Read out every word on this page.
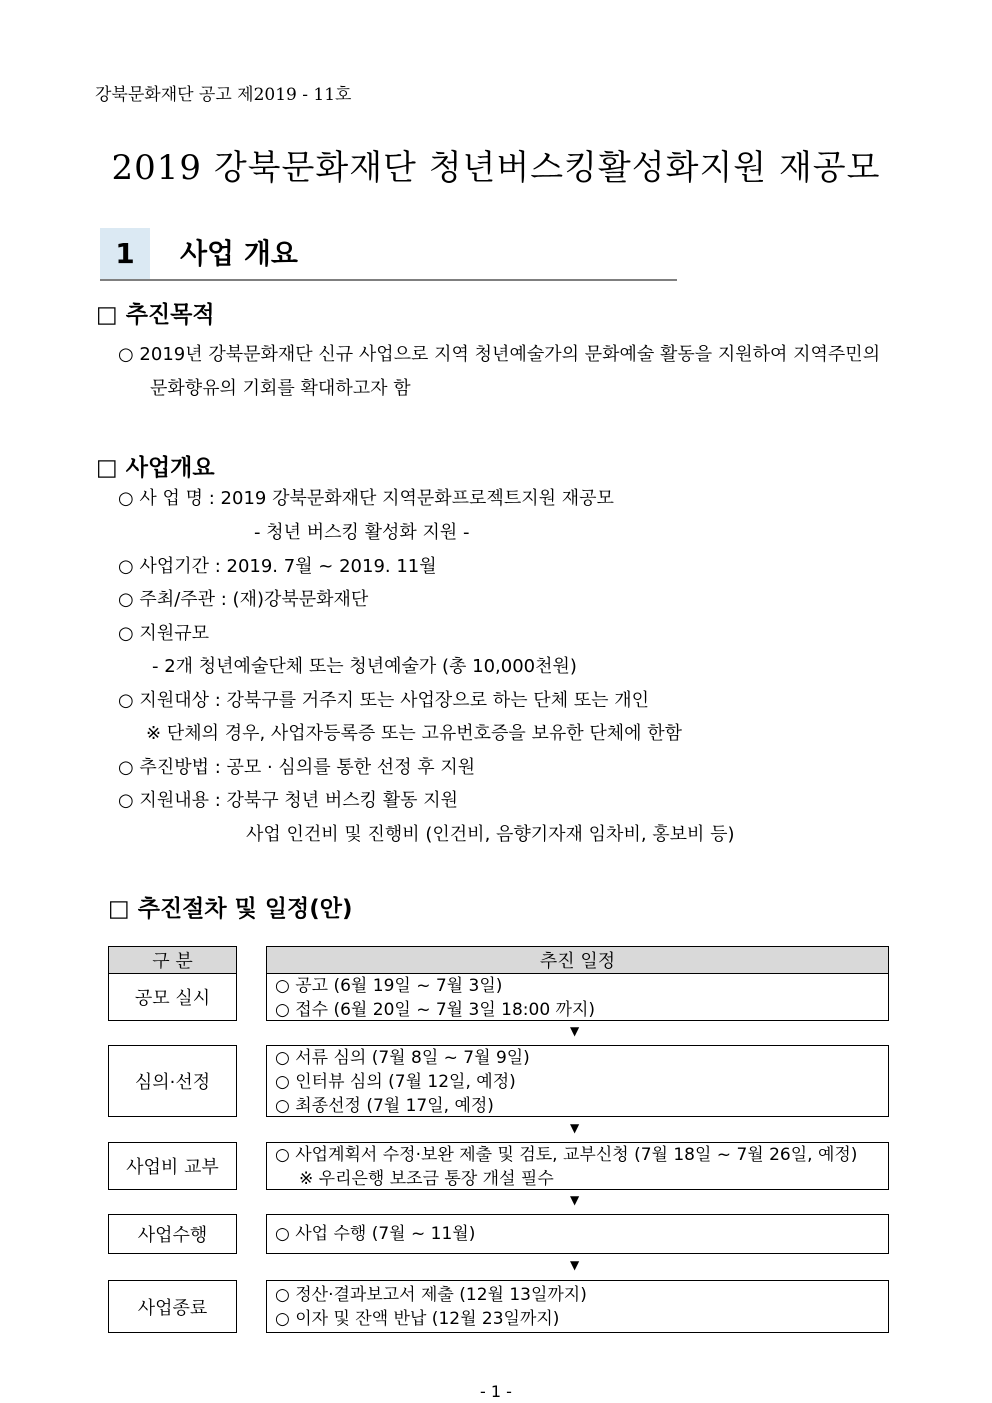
강북문화재단 공고 제2019 - 11호
2019 강북문화재단 청년버스킹활성화지원 재공모
1	사업 개요
□ 추진목적
○ 2019년 강북문화재단 신규 사업으로 지역 청년예술가의 문화예술 활동을 지원하여 지역주민의
문화향유의 기회를 확대하고자 함
□ 사업개요
○ 사 업 명 : 2019 강북문화재단 지역문화프로젝트지원 재공모
- 청년 버스킹 활성화 지원 -
○ 사업기간 : 2019. 7월 ~ 2019. 11월
○ 주최/주관 : (재)강북문화재단
○ 지원규모
- 2개 청년예술단체 또는 청년예술가 (총 10,000천원)
○ 지원대상 : 강북구를 거주지 또는 사업장으로 하는 단체 또는 개인
※ 단체의 경우, 사업자등록증 또는 고유번호증을 보유한 단체에 한함
○ 추진방법 : 공모 · 심의를 통한 선정 후 지원
○ 지원내용 : 강북구 청년 버스킹 활동 지원
사업 인건비 및 진행비 (인건비, 음향기자재 임차비, 홍보비 등)
□ 추진절차 및 일정(안)
구 분	추진 일정
공모 실시
○ 공고 (6월 19일 ~ 7월 3일)
○ 접수 (6월 20일 ~ 7월 3일 18:00 까지)
▼
심의·선정
○ 서류 심의 (7월 8일 ~ 7월 9일)
○ 인터뷰 심의 (7월 12일, 예정)
○ 최종선정 (7월 17일, 예정)
▼
사업비 교부
○ 사업계획서 수정·보완 제출 및 검토, 교부신청 (7월 18일 ~ 7월 26일, 예정)
※ 우리은행 보조금 통장 개설 필수
▼
사업수행	○ 사업 수행 (7월 ~ 11월)
▼
사업종료
○ 정산·결과보고서 제출 (12월 13일까지)
○ 이자 및 잔액 반납 (12월 23일까지)
- 1 -
